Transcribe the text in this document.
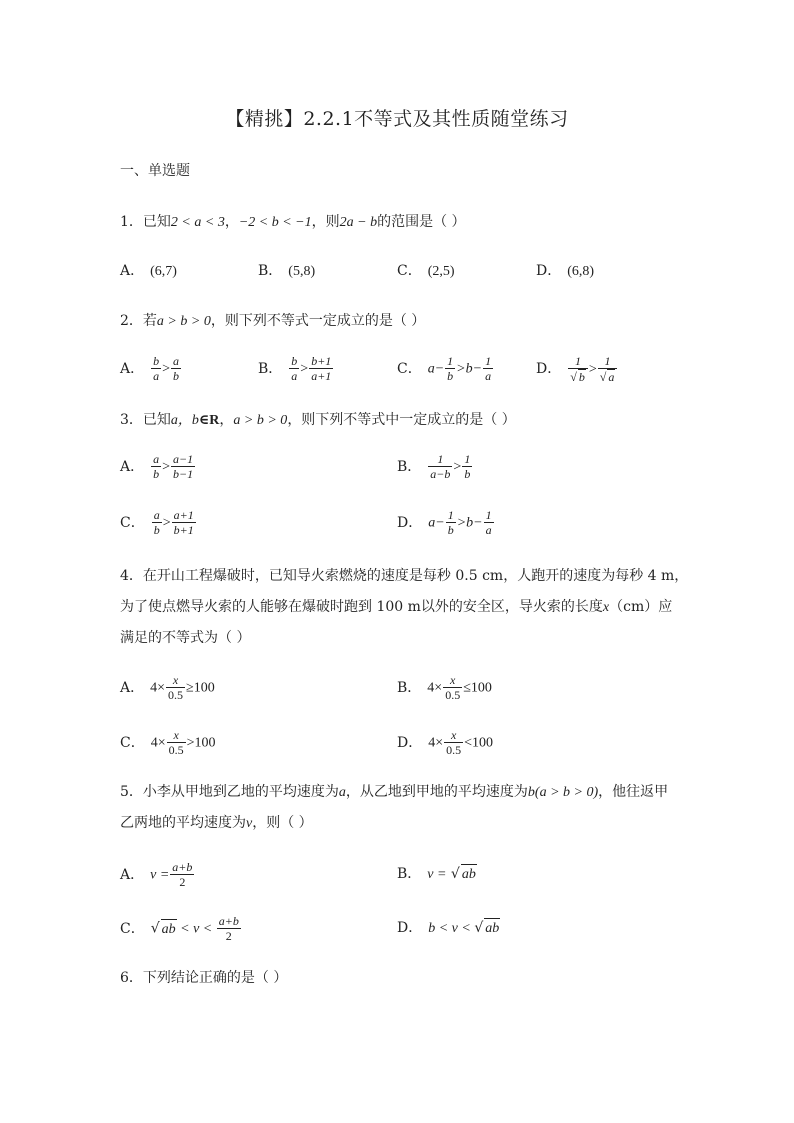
【精挑】2.2.1不等式及其性质随堂练习
一、单选题
1．已知2 < a < 3，−2 < b < −1，则2a − b的范围是（ ）
A． (6,7)	B． (5,8)	C． (2,5)	D． (6,8)
2．若a > b > 0，则下列不等式一定成立的是（ ）
A． $\frac{b}{a} > \frac{a}{b}$	B． $\frac{b}{a} > \frac{b+1}{a+1}$	C． $a- \frac{1}{b} >b- \frac{1}{a}$	D． $\frac{1}{√ b} > \frac{1}{√ a}$
3．已知a，b∈R，a > b > 0，则下列不等式中一定成立的是（ ）
A． $\frac{a}{b} > \frac{a-1}{b-1}$	B． $\frac{1}{a-b} > \frac{1}{b}$
C． $\frac{a}{b} > \frac{a+1}{b+1}$	D． $a- \frac{1}{b} >b- \frac{1}{a}$
4．在开山工程爆破时，已知导火索燃烧的速度是每秒 0.5 cm，人跑开的速度为每秒 4 m，
为了使点燃导火索的人能够在爆破时跑到 100 m以外的安全区，导火索的长度x（cm）应
满足的不等式为（ ）
A． $4\times \frac{x}{0.5} \ge 100$	B． $4\times \frac{x}{0.5} \le 100$
C． $4\times \frac{x}{0.5} >100$	D． $4\times \frac{x}{0.5} <100$
5．小李从甲地到乙地的平均速度为a，从乙地到甲地的平均速度为b(a > b > 0)，他往返甲
乙两地的平均速度为v，则（ ）
A． $v = \frac{a+b}{2}$	B． v = √ ab
C． √ ab < $v < \frac{a+b}{2}$	D． b < v < √ ab
6．下列结论正确的是（ ）
